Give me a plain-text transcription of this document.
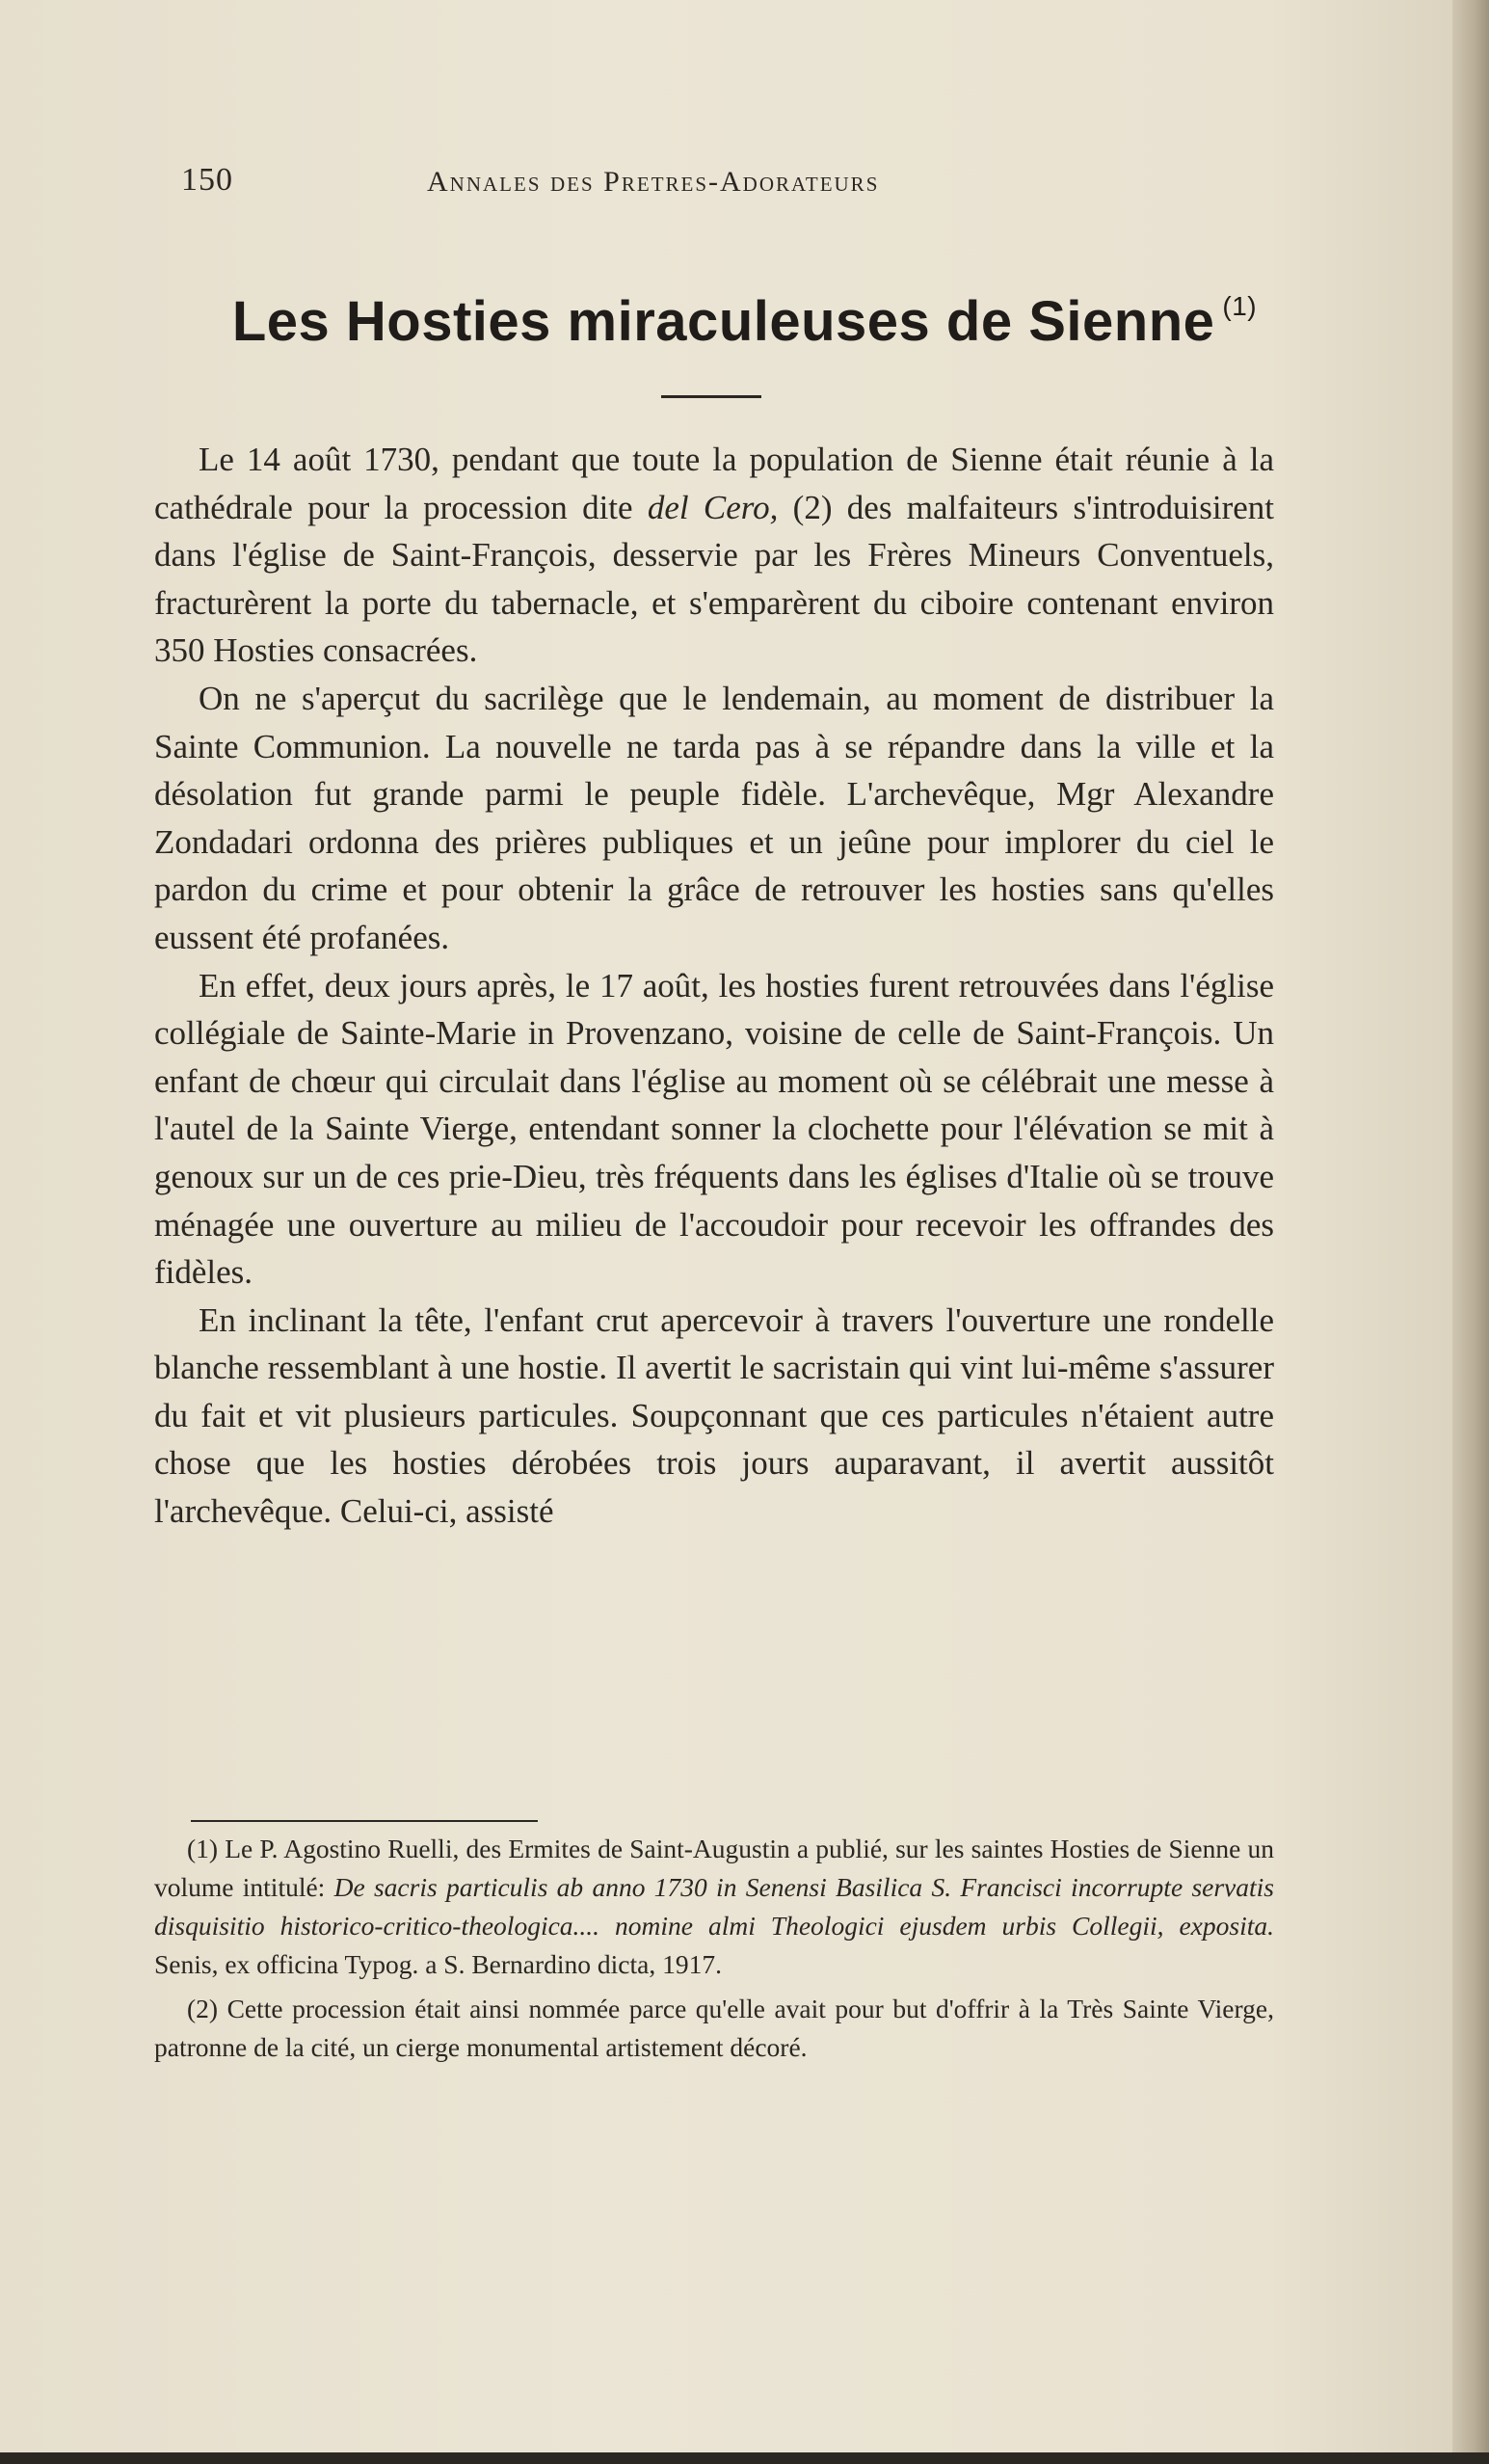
150	Annales des Pretres-Adorateurs
Les Hosties miraculeuses de Sienne $^{(1)}$

Le 14 août 1730, pendant que toute la population de Sienne était réunie à la cathédrale pour la procession dite del Cero, (2) des malfaiteurs s'introduisirent dans l'église de Saint-François, desservie par les Frères Mineurs Conventuels, fracturèrent la porte du tabernacle, et s'emparèrent du ciboire contenant environ 350 Hosties consacrées.

On ne s'aperçut du sacrilège que le lendemain, au moment de distribuer la Sainte Communion. La nouvelle ne tarda pas à se répandre dans la ville et la désolation fut grande parmi le peuple fidèle. L'archevêque, Mgr Alexandre Zondadari ordonna des prières publiques et un jeûne pour implorer du ciel le pardon du crime et pour obtenir la grâce de retrouver les hosties sans qu'elles eussent été profanées.

En effet, deux jours après, le 17 août, les hosties furent retrouvées dans l'église collégiale de Sainte-Marie in Provenzano, voisine de celle de Saint-François. Un enfant de chœur qui circulait dans l'église au moment où se célébrait une messe à l'autel de la Sainte Vierge, entendant sonner la clochette pour l'élévation se mit à genoux sur un de ces prie-Dieu, très fréquents dans les églises d'Italie où se trouve ménagée une ouverture au milieu de l'accoudoir pour recevoir les offrandes des fidèles.

En inclinant la tête, l'enfant crut apercevoir à travers l'ouverture une rondelle blanche ressemblant à une hostie. Il avertit le sacristain qui vint lui-même s'assurer du fait et vit plusieurs particules. Soupçonnant que ces particules n'étaient autre chose que les hosties dérobées trois jours auparavant, il avertit aussitôt l'archevêque. Celui-ci, assisté

(1) Le P. Agostino Ruelli, des Ermites de Saint-Augustin a publié, sur les saintes Hosties de Sienne un volume intitulé: De sacris particulis ab anno 1730 in Senensi Basilica S. Francisci incorrupte servatis disquisitio historico-critico-theologica.... nomine almi Theologici ejusdem urbis Collegii, exposita. Senis, ex officina Typog. a S. Bernardino dicta, 1917.

(2) Cette procession était ainsi nommée parce qu'elle avait pour but d'offrir à la Très Sainte Vierge, patronne de la cité, un cierge monumental artistement décoré.
